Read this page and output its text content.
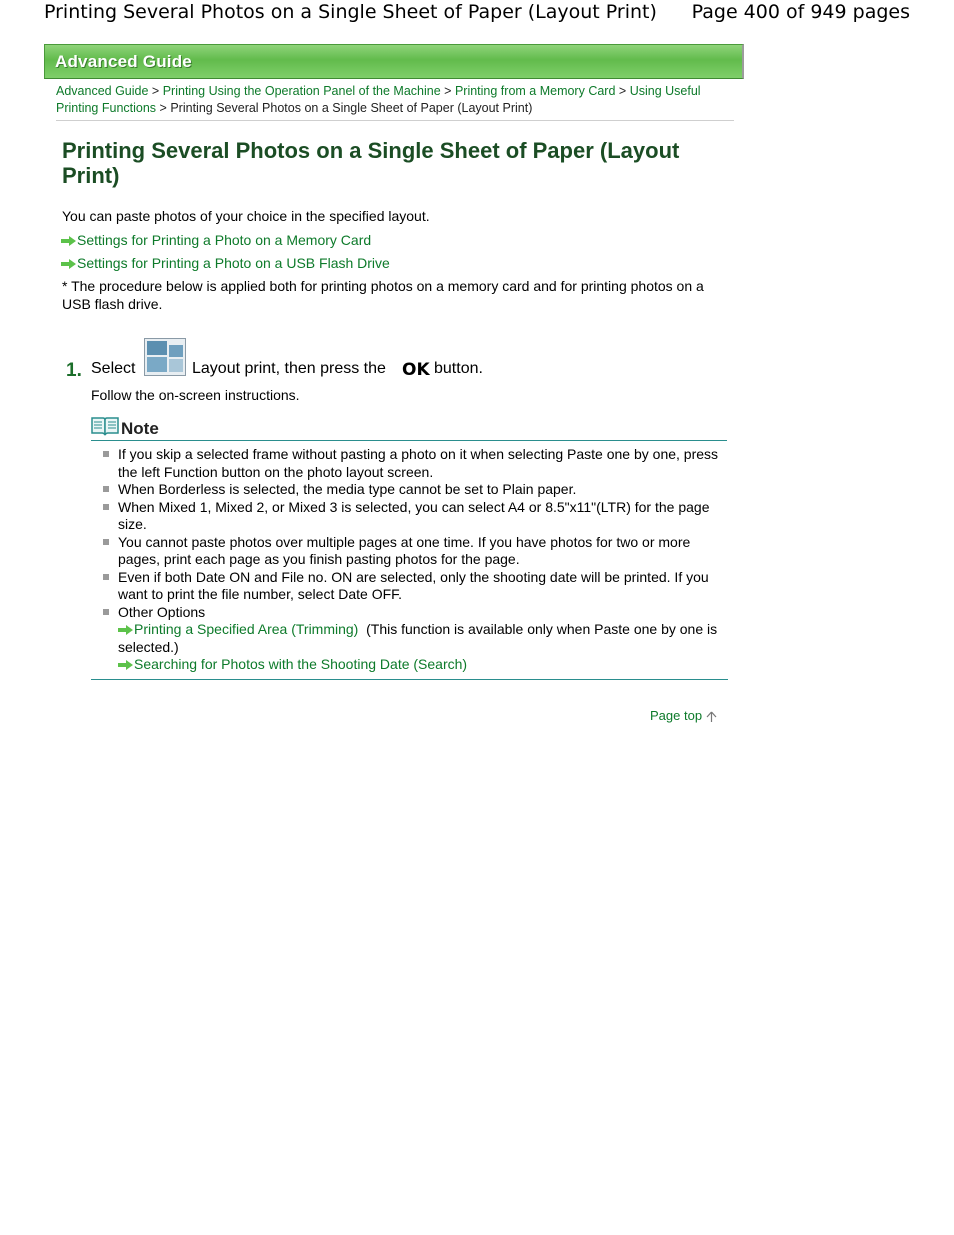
Printing Several Photos on a Single Sheet of Paper (Layout Print) Page 400 of 949 pages
Advanced Guide
Advanced Guide > Printing Using the Operation Panel of the Machine > Printing from a Memory Card > Using Useful Printing Functions > Printing Several Photos on a Single Sheet of Paper (Layout Print)
Printing Several Photos on a Single Sheet of Paper (Layout Print)
You can paste photos of your choice in the specified layout.
Settings for Printing a Photo on a Memory Card
Settings for Printing a Photo on a USB Flash Drive
* The procedure below is applied both for printing photos on a memory card and for printing photos on a USB flash drive.
1. Select	Layout print, then press the OK button.
Follow the on-screen instructions.
Note
If you skip a selected frame without pasting a photo on it when selecting Paste one by one, press the left Function button on the photo layout screen.
When Borderless is selected, the media type cannot be set to Plain paper.
When Mixed 1, Mixed 2, or Mixed 3 is selected, you can select A4 or 8.5"x11"(LTR) for the page size.
You cannot paste photos over multiple pages at one time. If you have photos for two or more pages, print each page as you finish pasting photos for the page.
Even if both Date ON and File no. ON are selected, only the shooting date will be printed. If you want to print the file number, select Date OFF.
Other Options
Printing a Specified Area (Trimming) (This function is available only when Paste one by one is selected.)
Searching for Photos with the Shooting Date (Search)
Page top
